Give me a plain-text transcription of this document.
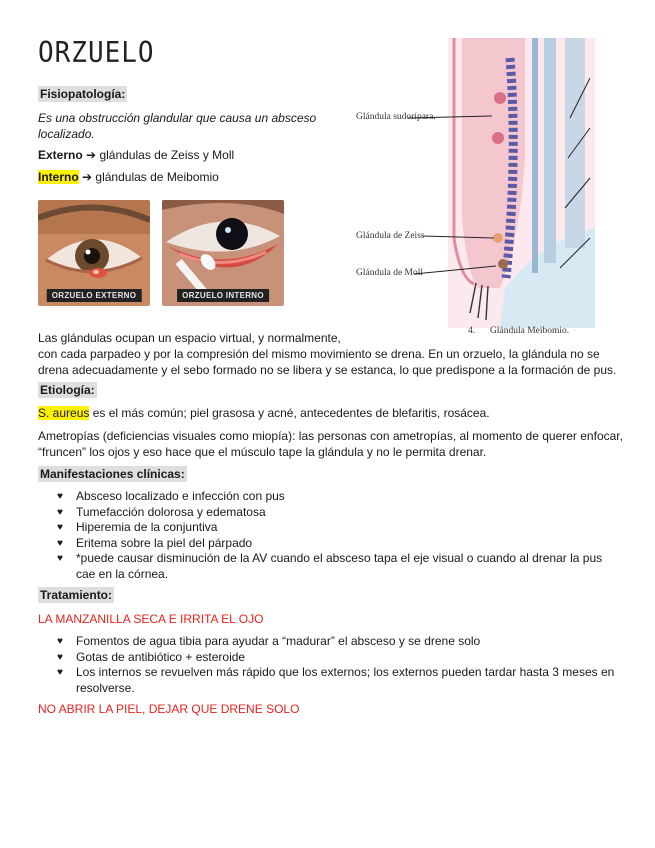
ORZUELO
Fisiopatología:
Es una obstrucción glandular que causa un absceso
localizado.
Externo ➔ glándulas de Zeiss y Moll
Interno ➔ glándulas de Meibomio
ORZUELO EXTERNO	ORZUELO INTERNO
Glándula sudorípara.
Glándula de Zeiss
Glándula de Moll
4. Glándula Meibomio.
Las glándulas ocupan un espacio virtual, y normalmente,
con cada parpadeo y por la compresión del mismo movimiento se drena. En un orzuelo, la glándula no se
drena adecuadamente y el sebo formado no se libera y se estanca, lo que predispone a la formación de pus.
Etiología:
S. aureus es el más común; piel grasosa y acné, antecedentes de blefaritis, rosácea.
Ametropías (deficiencias visuales como miopía): las personas con ametropías, al momento de querer enfocar,
“fruncen” los ojos y eso hace que el músculo tape la glándula y no le permita drenar.
Manifestaciones clínicas:
♥ Absceso localizado e infección con pus
♥ Tumefacción dolorosa y edematosa
♥ Hiperemia de la conjuntiva
♥ Eritema sobre la piel del párpado
♥ *puede causar disminución de la AV cuando el absceso tapa el eje visual o cuando al drenar la pus
cae en la córnea.
Tratamiento:
LA MANZANILLA SECA E IRRITA EL OJO
♥ Fomentos de agua tibia para ayudar a “madurar” el absceso y se drene solo
♥ Gotas de antibiótico + esteroide
♥ Los internos se revuelven más rápido que los externos; los externos pueden tardar hasta 3 meses en
resolverse.
NO ABRIR LA PIEL, DEJAR QUE DRENE SOLO
